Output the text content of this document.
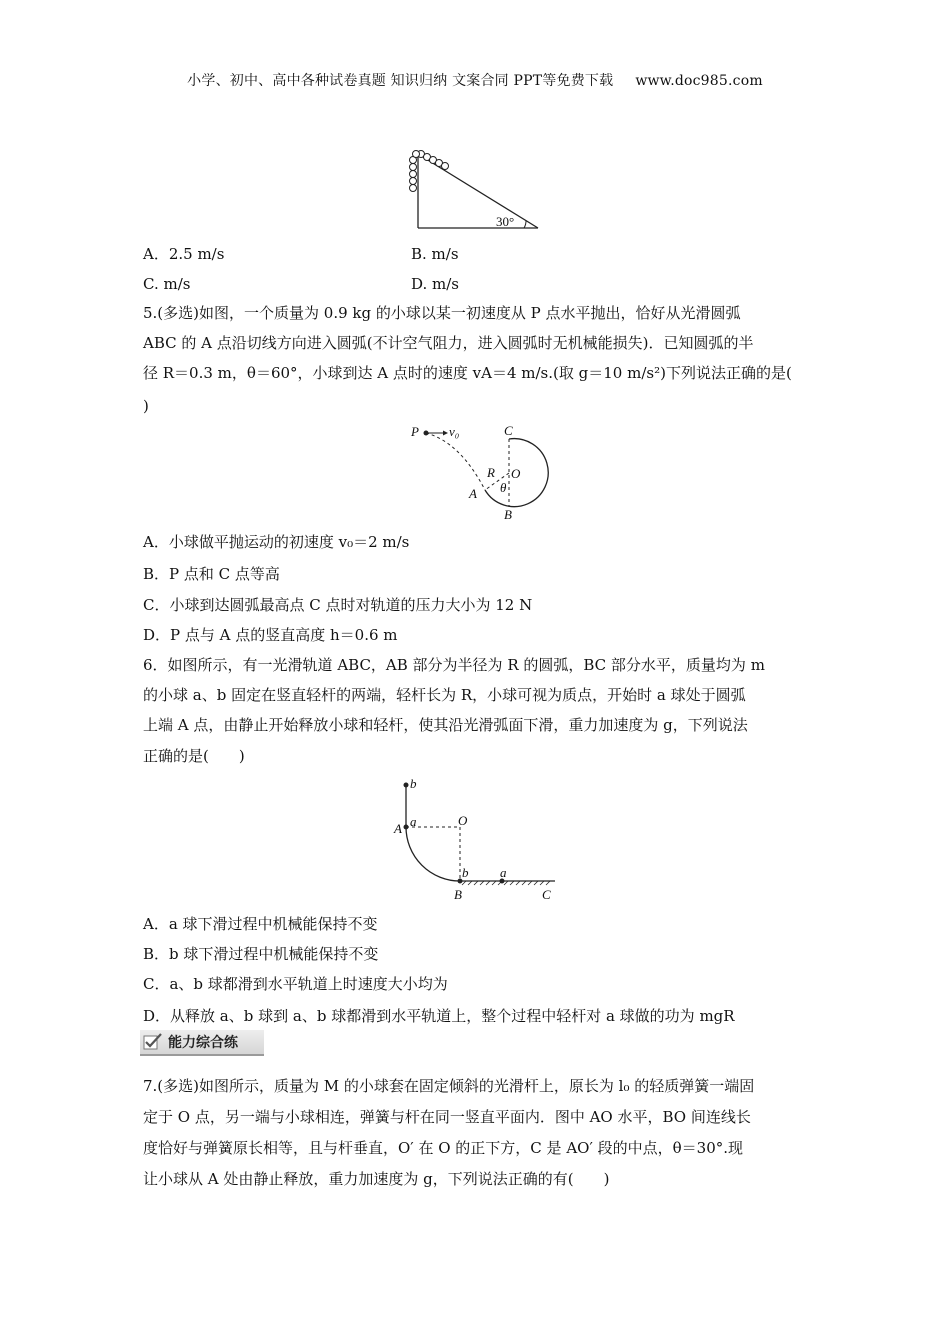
小学、初中、高中各种试卷真题 知识归纳 文案合同 PPT等免费下载 www.doc985.com
30°
A．2.5 m/s	B. m/s
C. m/s	D. m/s
5.(多选)如图，一个质量为 0.9 kg 的小球以某一初速度从 P 点水平抛出，恰好从光滑圆弧
ABC 的 A 点沿切线方向进入圆弧(不计空气阻力，进入圆弧时无机械能损失)．已知圆弧的半
径 R＝0.3 m，θ＝60°，小球到达 A 点时的速度 vA＝4 m/s.(取 g＝10 m/s²)下列说法正确的是(
)
P v₀	C
R O
θ
A
B
A．小球做平抛运动的初速度 v₀＝2 m/s
B．P 点和 C 点等高
C．小球到达圆弧最高点 C 点时对轨道的压力大小为 12 N
D．P 点与 A 点的竖直高度 h＝0.6 m
6．如图所示，有一光滑轨道 ABC，AB 部分为半径为 R 的圆弧，BC 部分水平，质量均为 m
的小球 a、b 固定在竖直轻杆的两端，轻杆长为 R，小球可视为质点，开始时 a 球处于圆弧
上端 A 点，由静止开始释放小球和轻杆，使其沿光滑弧面下滑，重力加速度为 g，下列说法
正确的是(　　)
b
A a	O
b a
B	C
A．a 球下滑过程中机械能保持不变
B．b 球下滑过程中机械能保持不变
C．a、b 球都滑到水平轨道上时速度大小均为
D．从释放 a、b 球到 a、b 球都滑到水平轨道上，整个过程中轻杆对 a 球做的功为 mgR
能力综合练
7.(多选)如图所示，质量为 M 的小球套在固定倾斜的光滑杆上，原长为 l₀ 的轻质弹簧一端固
定于 O 点，另一端与小球相连，弹簧与杆在同一竖直平面内．图中 AO 水平，BO 间连线长
度恰好与弹簧原长相等，且与杆垂直，O′ 在 O 的正下方，C 是 AO′ 段的中点，θ＝30°.现
让小球从 A 处由静止释放，重力加速度为 g，下列说法正确的有(　　)
